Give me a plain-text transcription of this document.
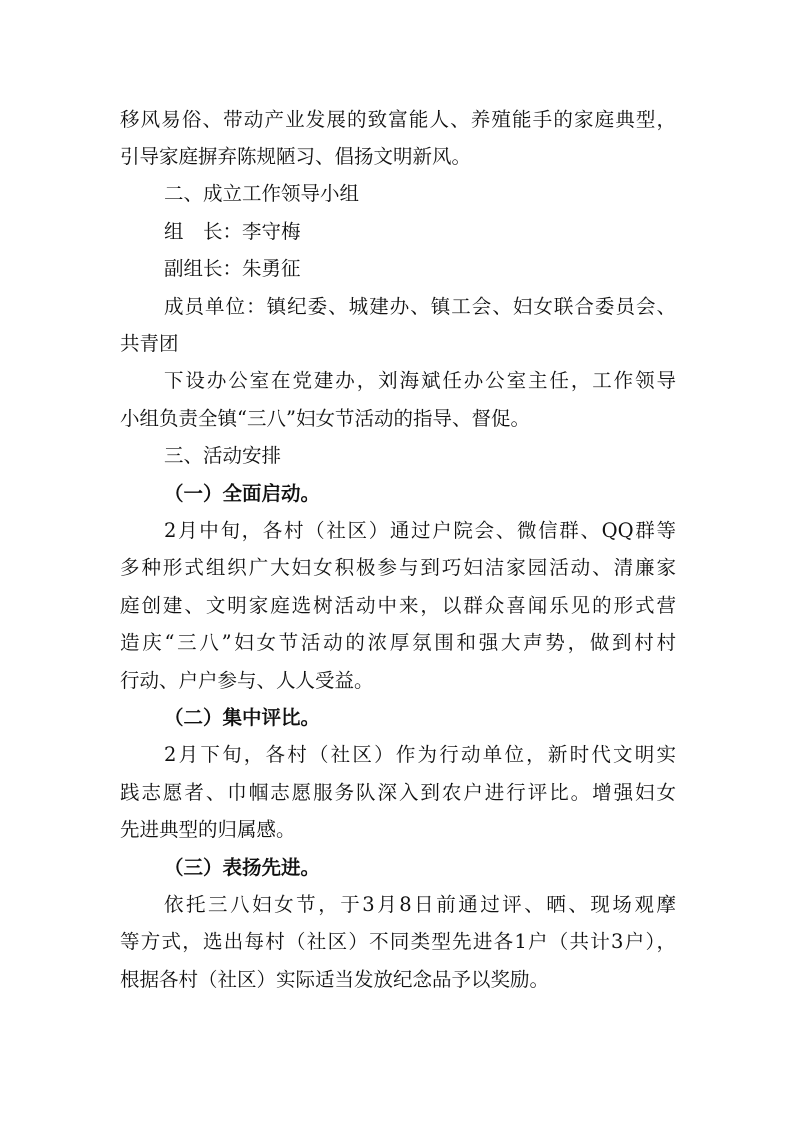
移风易俗、带动产业发展的致富能人、养殖能手的家庭典型，
引导家庭摒弃陈规陋习、倡扬文明新风。
二、成立工作领导小组
组　长：李守梅
副组长：朱勇征
成员单位：镇纪委、城建办、镇工会、妇女联合委员会、
共青团
下设办公室在党建办，刘海斌任办公室主任，工作领导
小组负责全镇“三八”妇女节活动的指导、督促。
三、活动安排
（一）全面启动。
2月中旬，各村（社区）通过户院会、微信群、QQ群等
多种形式组织广大妇女积极参与到巧妇洁家园活动、清廉家
庭创建、文明家庭选树活动中来，以群众喜闻乐见的形式营
造庆“三八”妇女节活动的浓厚氛围和强大声势，做到村村
行动、户户参与、人人受益。
（二）集中评比。
2月下旬，各村（社区）作为行动单位，新时代文明实
践志愿者、巾帼志愿服务队深入到农户进行评比。增强妇女
先进典型的归属感。
（三）表扬先进。
依托三八妇女节，于3月8日前通过评、晒、现场观摩
等方式，选出每村（社区）不同类型先进各1户（共计3户），
根据各村（社区）实际适当发放纪念品予以奖励。
